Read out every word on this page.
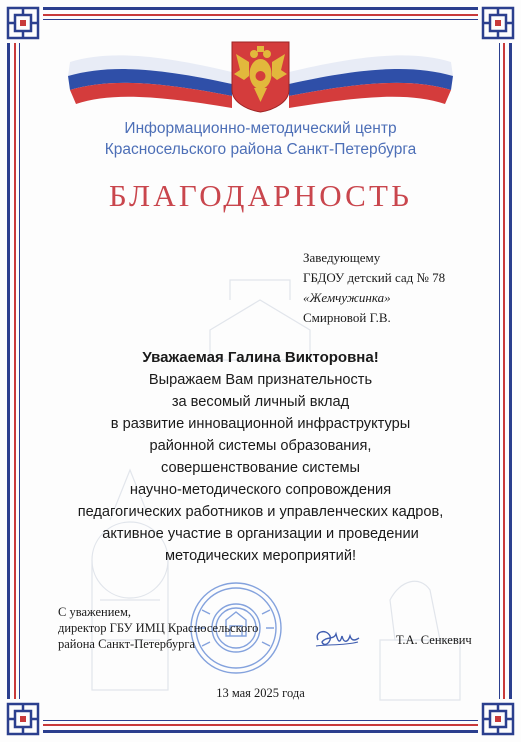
Информационно-методический центр
Красносельского района Санкт-Петербурга
БЛАГОДАРНОСТЬ
Заведующему
ГБДОУ детский сад № 78
«Жемчужинка»
Смирновой Г.В.
Уважаемая Галина Викторовна!
Выражаем Вам признательность
за весомый личный вклад
в развитие инновационной инфраструктуры
районной системы образования,
совершенствование системы
научно-методического сопровождения
педагогических работников и управленческих кадров,
активное участие в организации и проведении
методических мероприятий!
С уважением,
директор ГБУ ИМЦ Красносельского
района Санкт-Петербурга	Т.А. Сенкевич
13 мая 2025 года
